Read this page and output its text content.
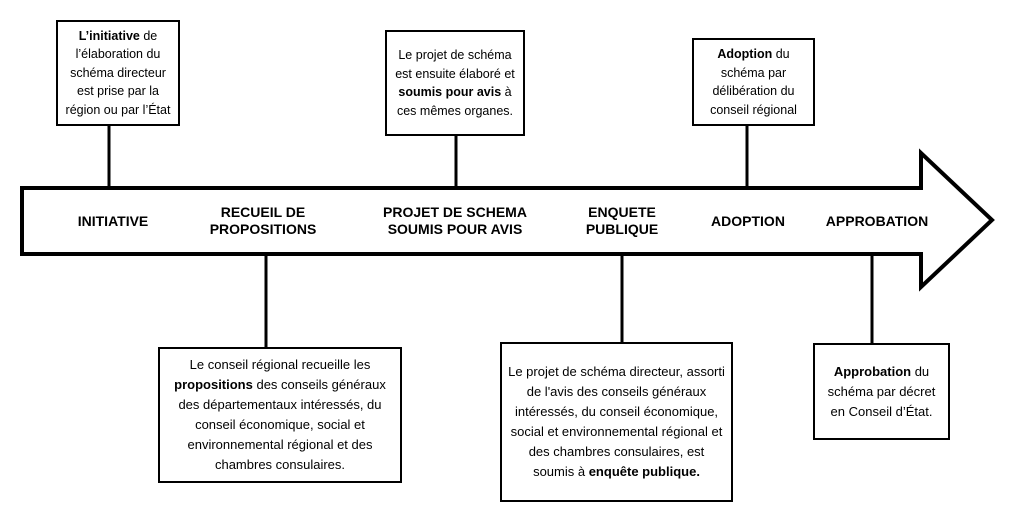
INITIATIVE
RECUEIL DE PROPOSITIONS
PROJET DE SCHEMA SOUMIS POUR AVIS
ENQUETE PUBLIQUE
ADOPTION	APPROBATION

L’initiative de l’élaboration du schéma directeur est prise par la région ou par l’État

Le projet de schéma est ensuite élaboré et soumis pour avis à ces mêmes organes.

Adoption du schéma par délibération du conseil régional

Le conseil régional recueille les propositions des conseils généraux des départementaux intéressés, du conseil économique, social et environnemental régional et des chambres consulaires.

Le projet de schéma directeur, assorti de l'avis des conseils généraux intéressés, du conseil économique, social et environnemental régional et des chambres consulaires, est soumis à enquête publique.

Approbation du schéma par décret en Conseil d’État.
